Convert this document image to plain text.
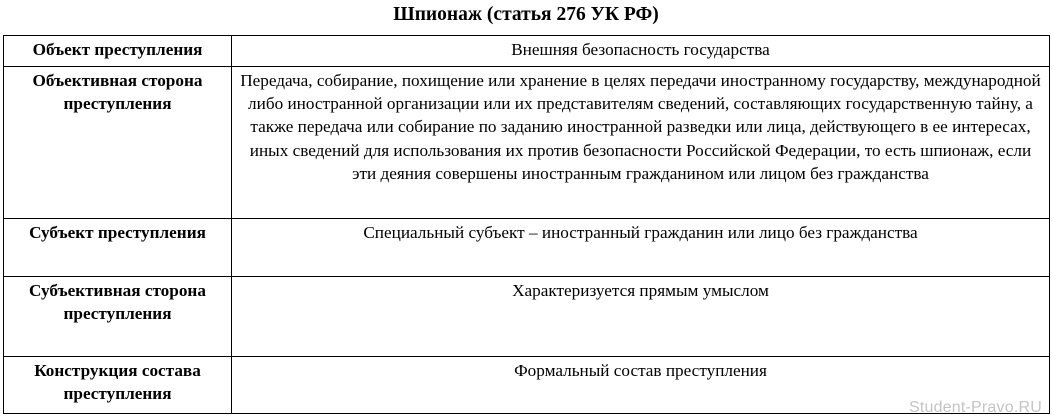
Шпионаж (статья 276 УК РФ)
Объект преступления	Внешняя безопасность государства
Объективная сторона преступления	Передача, собирание, похищение или хранение в целях передачи иностранному государству, международной либо иностранной организации или их представителям сведений, составляющих государственную тайну, а также передача или собирание по заданию иностранной разведки или лица, действующего в ее интересах, иных сведений для использования их против безопасности Российской Федерации, то есть шпионаж, если эти деяния совершены иностранным гражданином или лицом без гражданства
Субъект преступления	Специальный субъект – иностранный гражданин или лицо без гражданства
Субъективная сторона преступления	Характеризуется прямым умыслом
Конструкция состава преступления	Формальный состав преступления
Student-Pravo.RU
